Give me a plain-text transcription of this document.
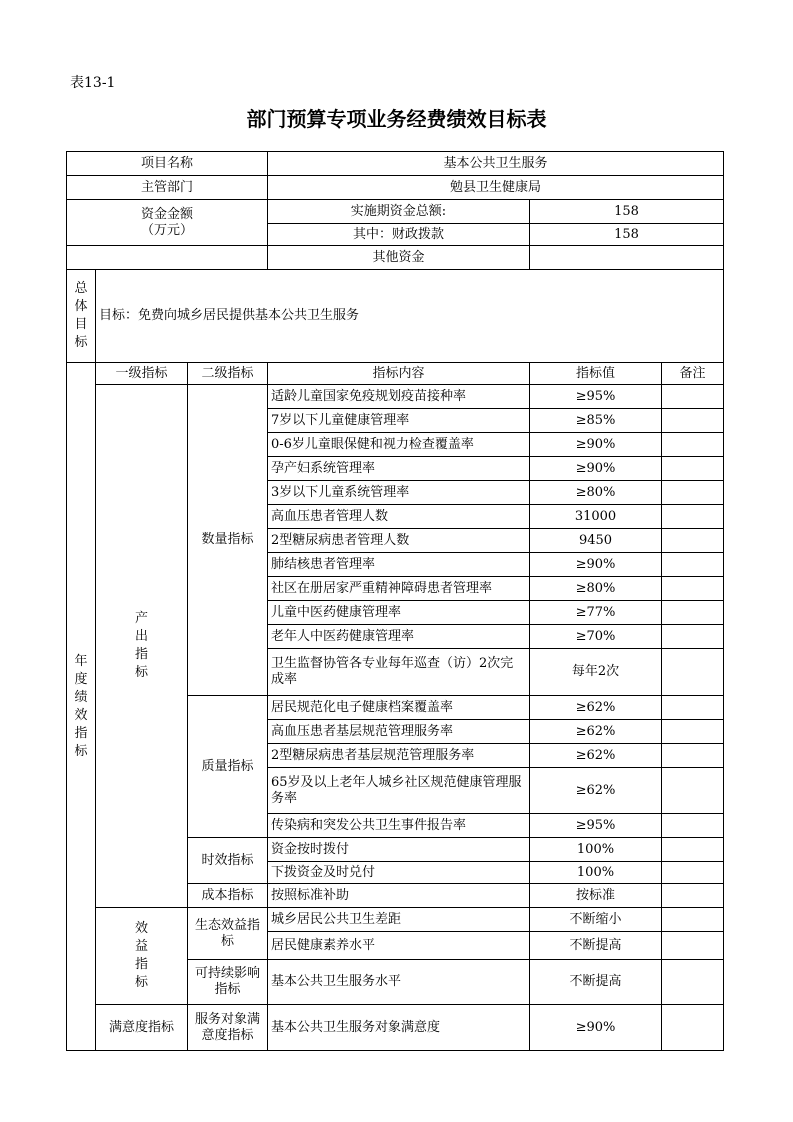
表13-1
部门预算专项业务经费绩效目标表
项目名称			基本公共卫生服务		
主管部门			勉县卫生健康局		

资金金额
（万元）			实施期资金总额:	158	
			其中：财政拨款	158	
			其他资金		
总体目标	目标：免费向城乡居民提供基本公共卫生服务				
年度绩效指标	一级指标	二级指标	指标内容	指标值	备注
	产出指标	数量指标	适龄儿童国家免疫规划疫苗接种率	≥95%	
			7岁以下儿童健康管理率	≥85%	
			0-6岁儿童眼保健和视力检查覆盖率	≥90%	
			孕产妇系统管理率	≥90%	
			3岁以下儿童系统管理率	≥80%	
			高血压患者管理人数	31000	
			2型糖尿病患者管理人数	9450	
			肺结核患者管理率	≥90%	
			社区在册居家严重精神障碍患者管理率	≥80%	
			儿童中医药健康管理率	≥77%	
			老年人中医药健康管理率	≥70%	
			卫生监督协管各专业每年巡查（访）2次完成率	每年2次	
		质量指标	居民规范化电子健康档案覆盖率	≥62%	
			高血压患者基层规范管理服务率	≥62%	
			2型糖尿病患者基层规范管理服务率	≥62%	
			65岁及以上老年人城乡社区规范健康管理服务率	≥62%	
			传染病和突发公共卫生事件报告率	≥95%	
		时效指标	资金按时拨付	100%	
			下拨资金及时兑付	100%	
		成本指标	按照标准补助	按标准	
	效益指标	生态效益指标	城乡居民公共卫生差距	不断缩小	
			居民健康素养水平	不断提高	
		可持续影响指标	基本公共卫生服务水平	不断提高	
	满意度指标	服务对象满意度指标	基本公共卫生服务对象满意度	≥90%	
